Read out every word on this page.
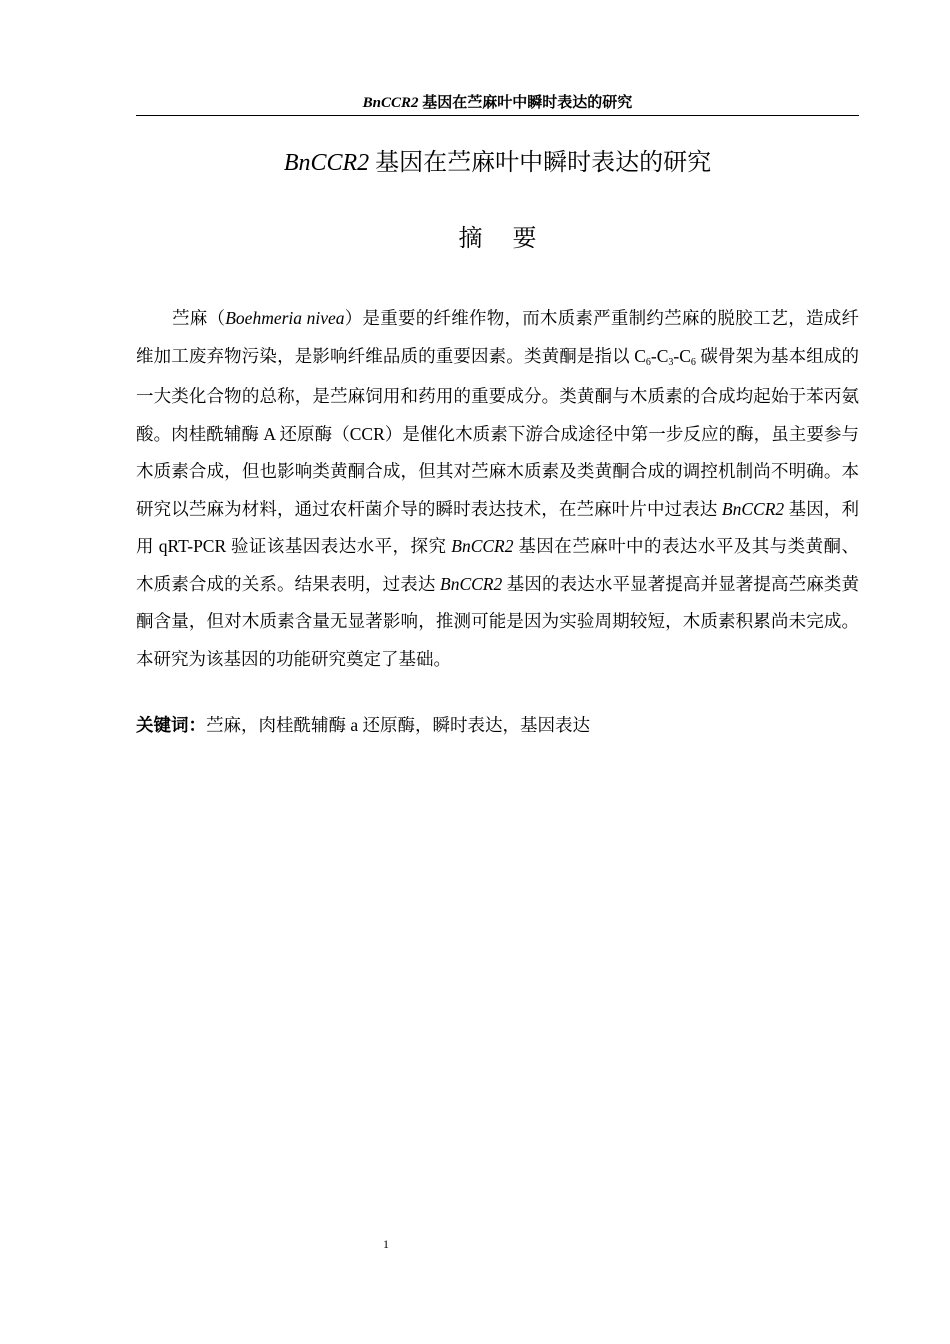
BnCCR2 基因在苎麻叶中瞬时表达的研究
BnCCR2 基因在苎麻叶中瞬时表达的研究
摘 要

苎麻（Boehmeria nivea）是重要的纤维作物，而木质素严重制约苎麻的脱胶工艺，造成纤维加工废弃物污染，是影响纤维品质的重要因素。类黄酮是指以 $C_6-C_3-C_6$ 碳骨架为基本组成的一大类化合物的总称，是苎麻饲用和药用的重要成分。类黄酮与木质素的合成均起始于苯丙氨酸。肉桂酰辅酶 A 还原酶（CCR）是催化木质素下游合成途径中第一步反应的酶，虽主要参与木质素合成，但也影响类黄酮合成，但其对苎麻木质素及类黄酮合成的调控机制尚不明确。本研究以苎麻为材料，通过农杆菌介导的瞬时表达技术，在苎麻叶片中过表达 BnCCR2 基因，利用 qRT-PCR 验证该基因表达水平，探究 BnCCR2 基因在苎麻叶中的表达水平及其与类黄酮、木质素合成的关系。结果表明，过表达 BnCCR2 基因的表达水平显著提高并显著提高苎麻类黄酮含量，但对木质素含量无显著影响，推测可能是因为实验周期较短，木质素积累尚未完成。本研究为该基因的功能研究奠定了基础。

关键词：苎麻，肉桂酰辅酶 a 还原酶，瞬时表达，基因表达

1
